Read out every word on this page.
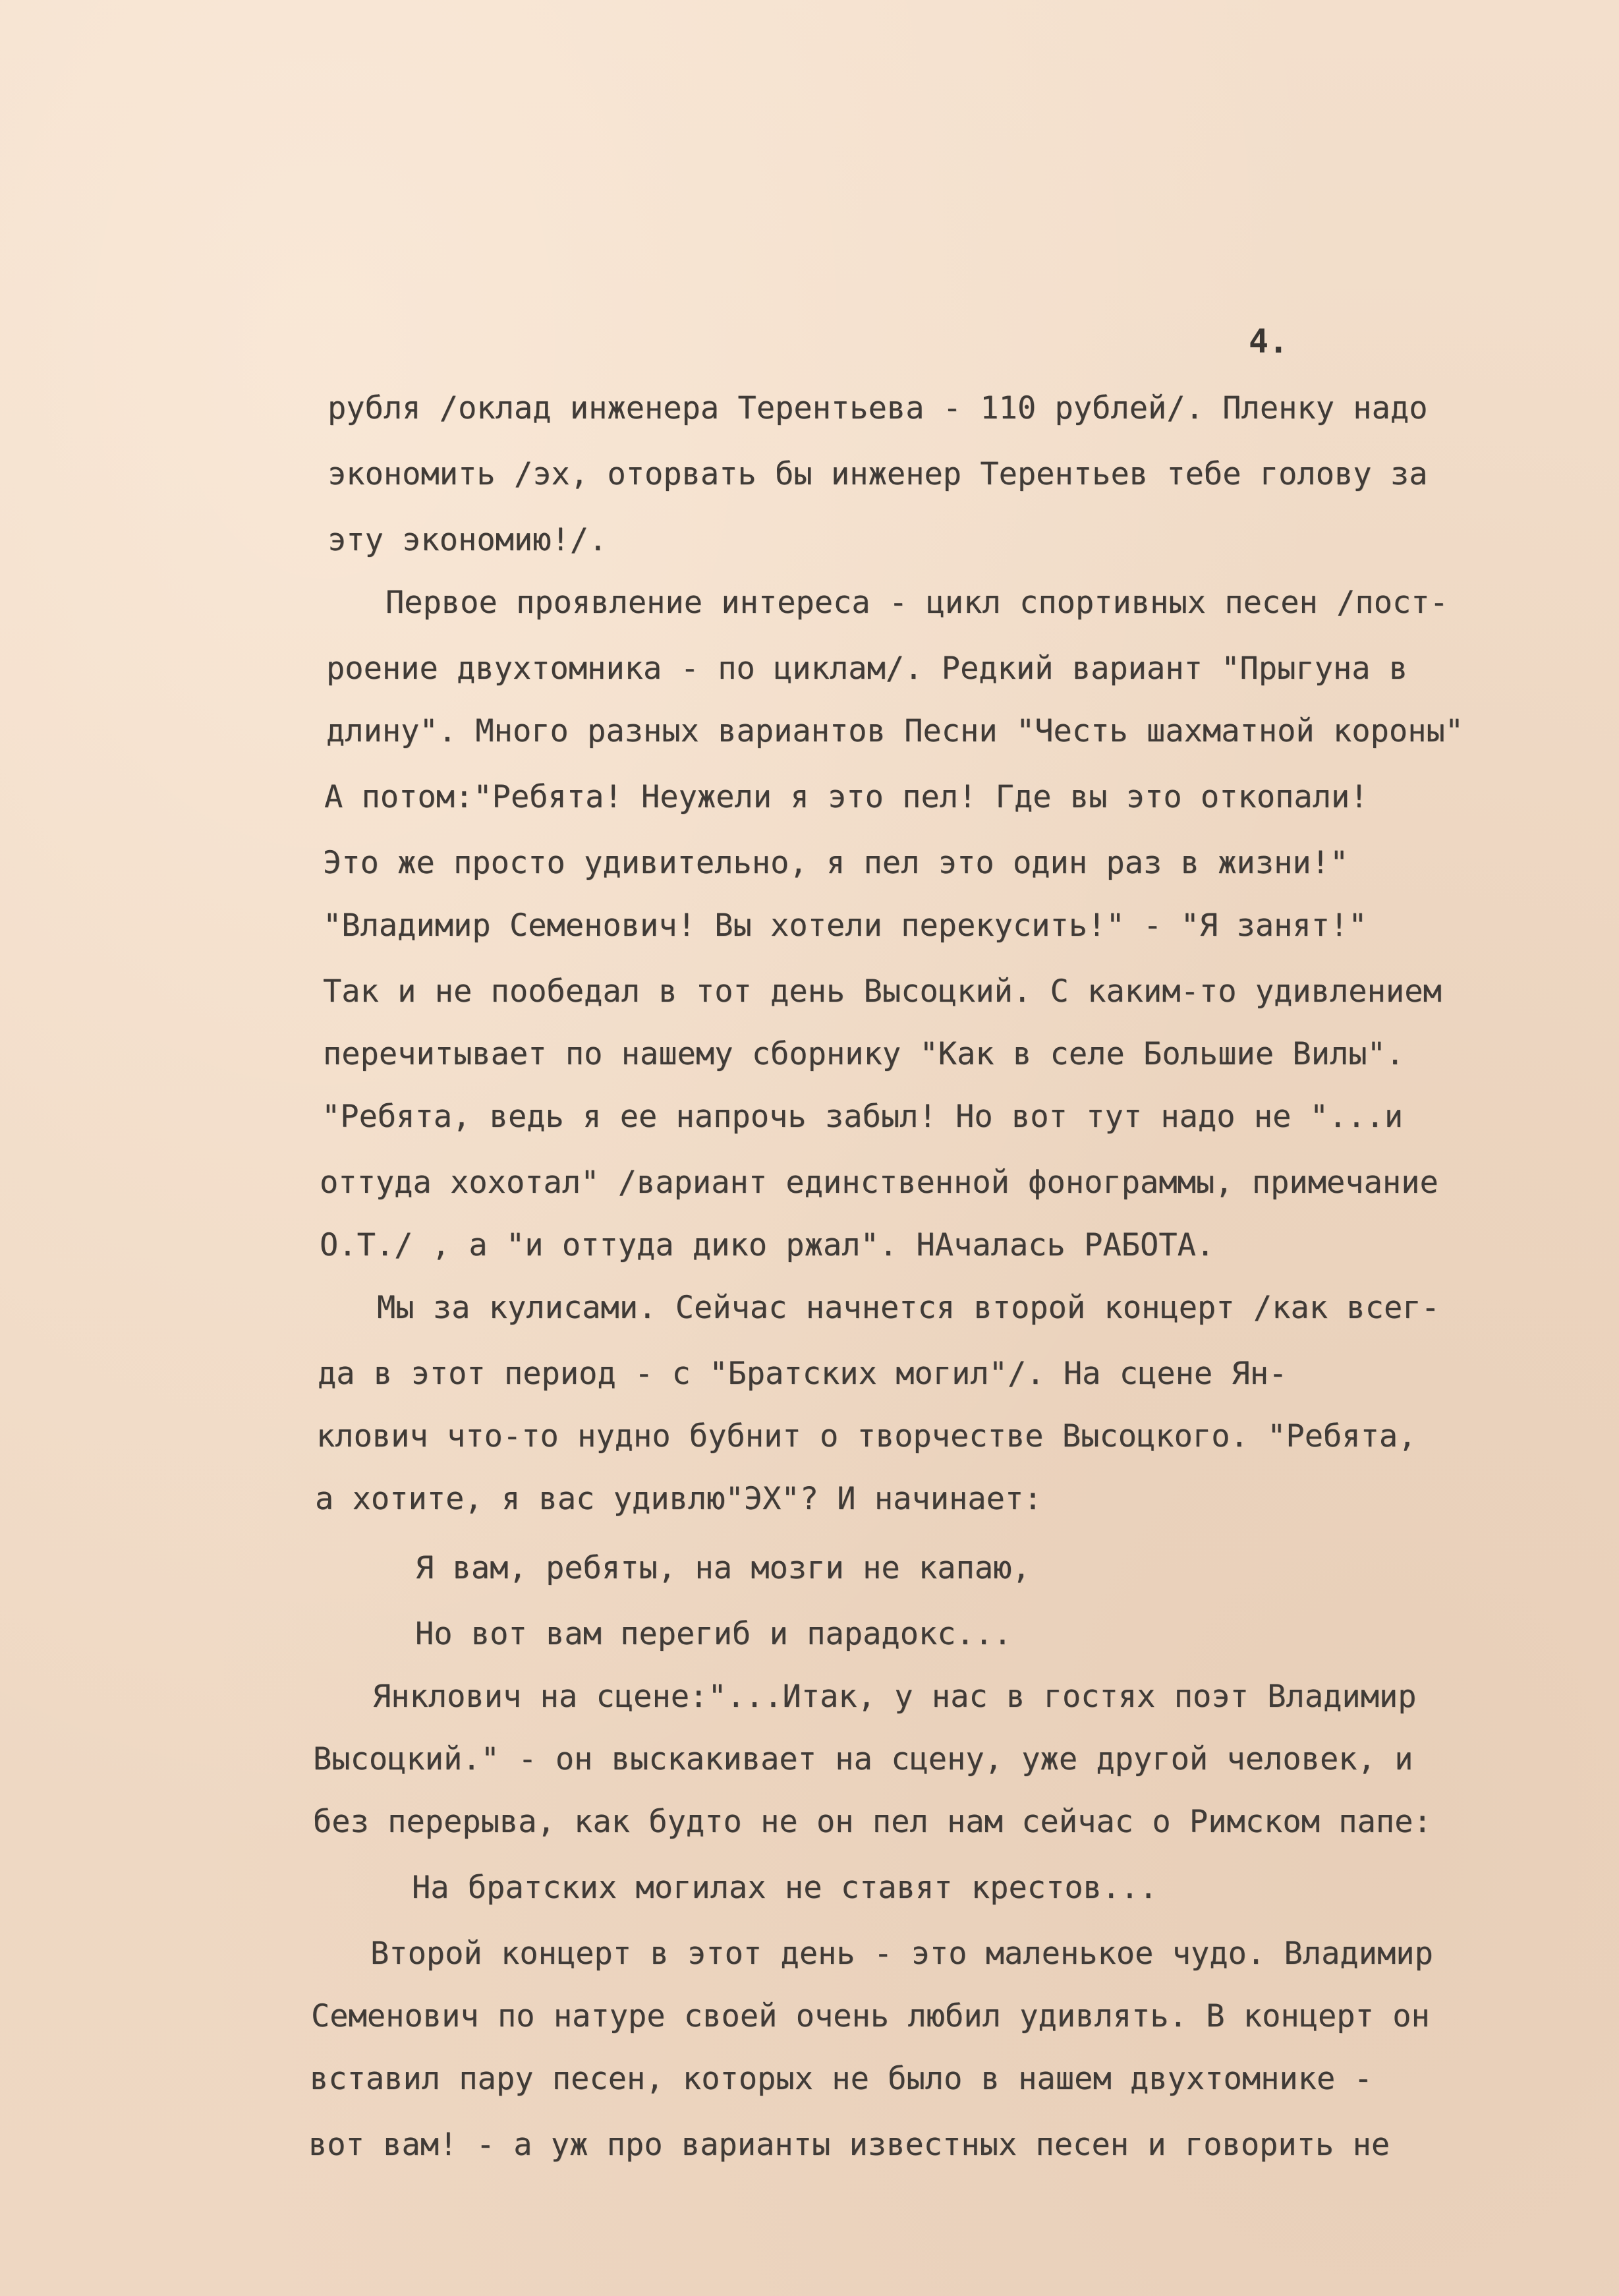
4.
рубля /оклад инженера Терентьева - 110 рублей/. Пленку надо
экономить /эх, оторвать бы инженер Терентьев тебе голову за
эту экономию!/.
Первое проявление интереса - цикл спортивных песен /пост-
роение двухтомника - по циклам/. Редкий вариант "Прыгуна в
длину". Много разных вариантов Песни "Честь шахматной короны"
А потом:"Ребята! Неужели я это пел! Где вы это откопали!
Это же просто удивительно, я пел это один раз в жизни!"
"Владимир Семенович! Вы хотели перекусить!" - "Я занят!"
Так и не пообедал в тот день Высоцкий. С каким-то удивлением
перечитывает по нашему сборнику "Как в селе Большие Вилы".
"Ребята, ведь я ее напрочь забыл! Но вот тут надо не "...и
оттуда хохотал" /вариант единственной фонограммы, примечание
О.Т./ , а "и оттуда дико ржал". НАчалась РАБОТА.
Мы за кулисами. Сейчас начнется второй концерт /как всег-
да в этот период - с "Братских могил"/. На сцене Ян-
клович что-то нудно бубнит о творчестве Высоцкого. "Ребята,
а хотите, я вас удивлю"ЭХ"? И начинает:
Я вам, ребяты, на мозги не капаю,
Но вот вам перегиб и парадокс...
Янклович на сцене:"...Итак, у нас в гостях поэт Владимир
Высоцкий." - он выскакивает на сцену, уже другой человек, и
без перерыва, как будто не он пел нам сейчас о Римском папе:
На братских могилах не ставят крестов...
Второй концерт в этот день - это маленькое чудо. Владимир
Семенович по натуре своей очень любил удивлять. В концерт он
вставил пару песен, которых не было в нашем двухтомнике -
вот вам! - а уж про варианты известных песен и говорить не
